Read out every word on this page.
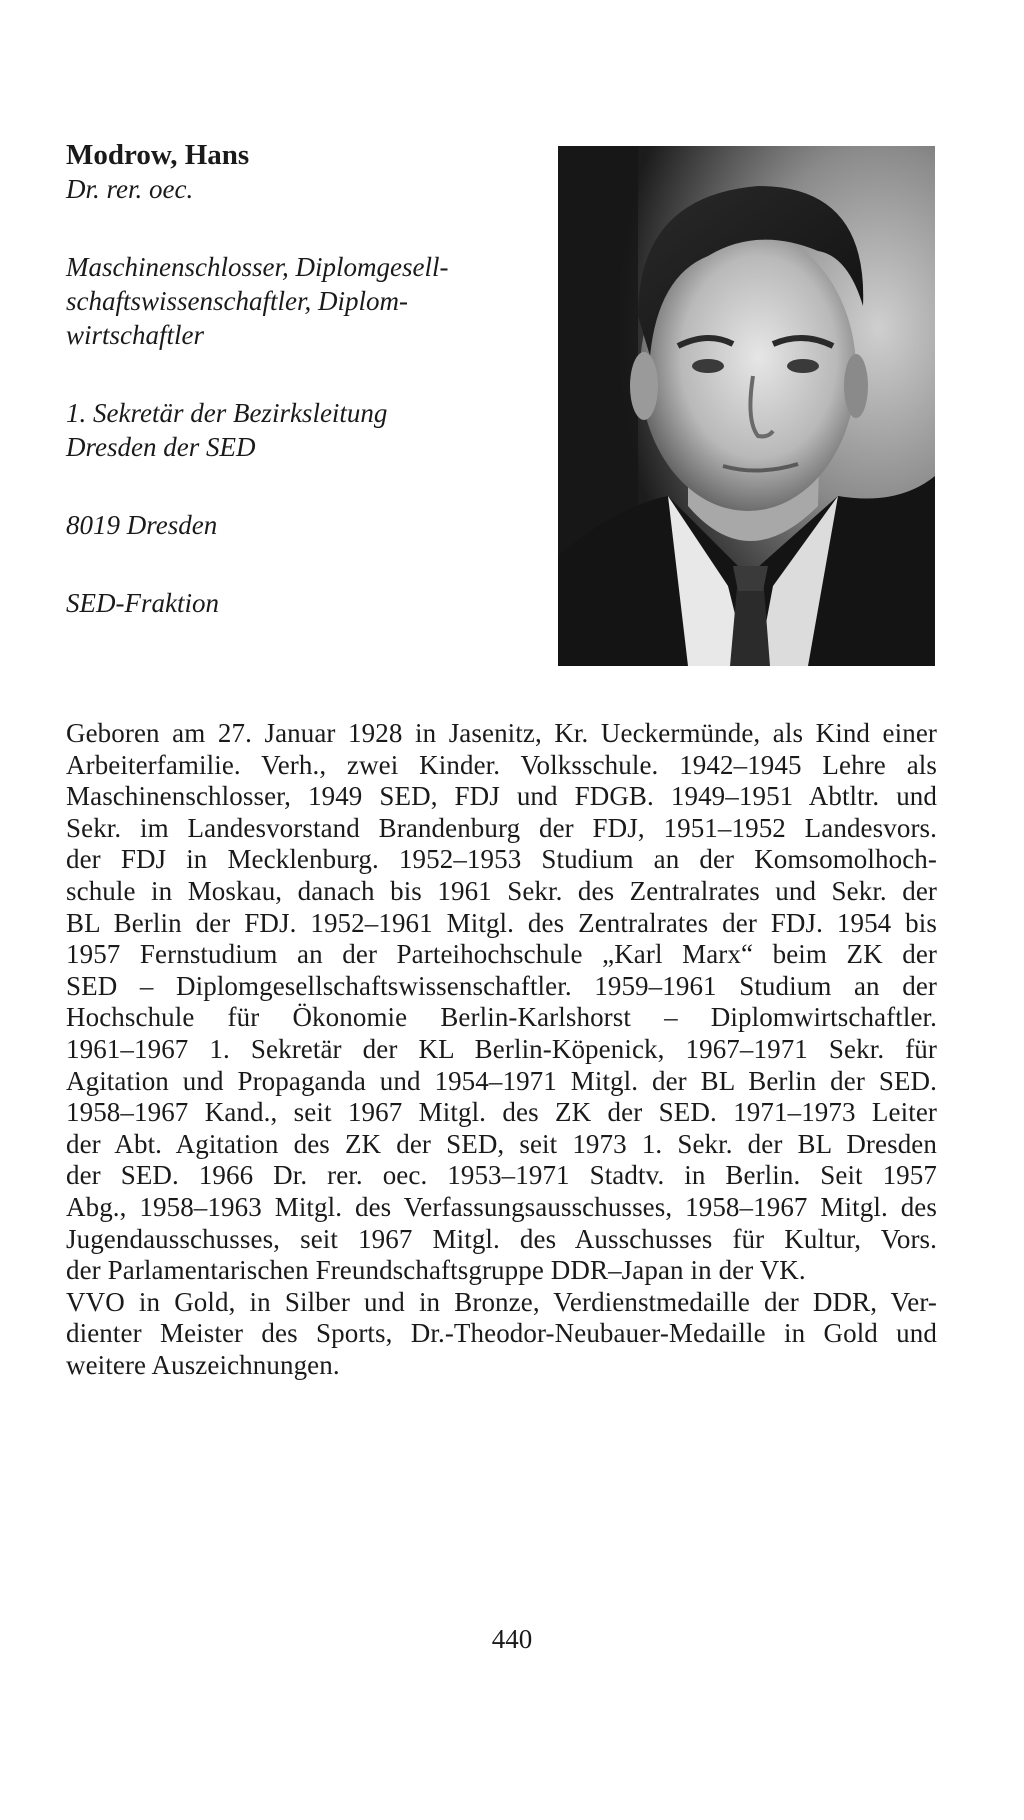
Modrow, Hans

Dr. rer. oec.

Maschinenschlosser, Diplomgesell-

schaftswissenschaftler, Diplom-

wirtschaftler

1. Sekretär der Bezirksleitung

Dresden der SED

8019 Dresden

SED-Fraktion

Geboren am 27. Januar 1928 in Jasenitz, Kr. Ueckermünde, als Kind einer
Arbeiterfamilie. Verh., zwei Kinder. Volksschule. 1942–1945 Lehre als
Maschinenschlosser, 1949 SED, FDJ und FDGB. 1949–1951 Abtltr. und
Sekr. im Landesvorstand Brandenburg der FDJ, 1951–1952 Landesvors.
der FDJ in Mecklenburg. 1952–1953 Studium an der Komsomolhoch-
schule in Moskau, danach bis 1961 Sekr. des Zentralrates und Sekr. der
BL Berlin der FDJ. 1952–1961 Mitgl. des Zentralrates der FDJ. 1954 bis
1957 Fernstudium an der Parteihochschule „Karl Marx“ beim ZK der
SED – Diplomgesellschaftswissenschaftler. 1959–1961 Studium an der
Hochschule für Ökonomie Berlin-Karlshorst – Diplomwirtschaftler.
1961–1967 1. Sekretär der KL Berlin-Köpenick, 1967–1971 Sekr. für
Agitation und Propaganda und 1954–1971 Mitgl. der BL Berlin der SED.
1958–1967 Kand., seit 1967 Mitgl. des ZK der SED. 1971–1973 Leiter
der Abt. Agitation des ZK der SED, seit 1973 1. Sekr. der BL Dresden
der SED. 1966 Dr. rer. oec. 1953–1971 Stadtv. in Berlin. Seit 1957
Abg., 1958–1963 Mitgl. des Verfassungsausschusses, 1958–1967 Mitgl. des
Jugendausschusses, seit 1967 Mitgl. des Ausschusses für Kultur, Vors.
der Parlamentarischen Freundschaftsgruppe DDR–Japan in der VK.
VVO in Gold, in Silber und in Bronze, Verdienstmedaille der DDR, Ver-
dienter Meister des Sports, Dr.-Theodor-Neubauer-Medaille in Gold und
weitere Auszeichnungen.
440
